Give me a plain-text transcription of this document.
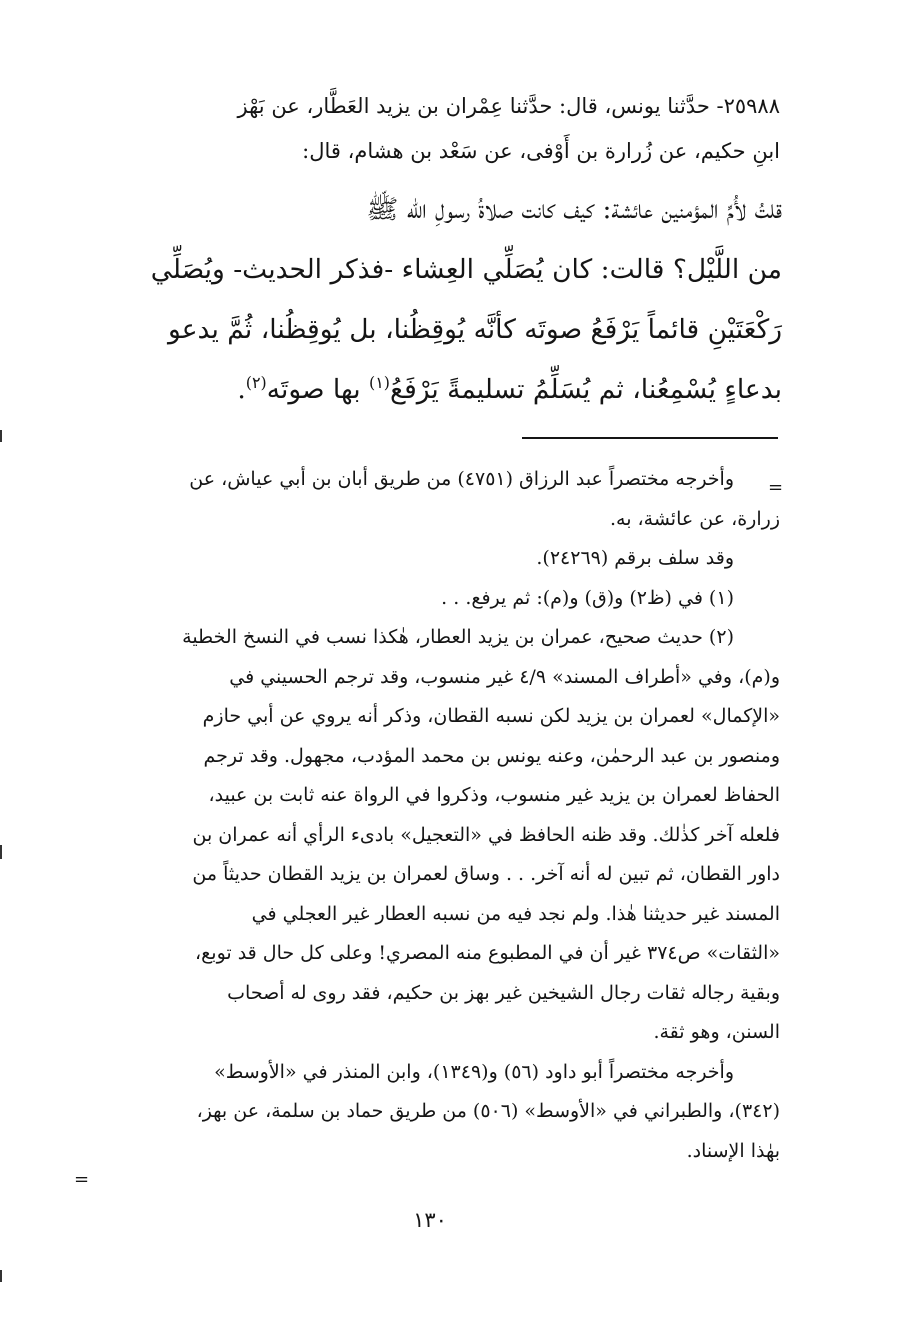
٢٥٩٨٨- حدَّثنا يونس، قال: حدَّثنا عِمْران بن يزيد العَطَّار، عن بَهْز
ابنِ حكيم، عن زُرارة بن أَوْفى، عن سَعْد بن هشام، قال:
قلتُ لأُمِّ المؤمنين عائشة: كيف كانت صلاةُ رسولِ الله ﷺ
من اللَّيْل؟ قالت: كان يُصَلِّي العِشاء -فذكر الحديث- ويُصَلِّي
رَكْعَتَيْنِ قائماً يَرْفَعُ صوتَه كأنَّه يُوقِظُنا، بل يُوقِظُنا، ثُمَّ يدعو
بدعاءٍ يُسْمِعُنا، ثم يُسَلِّمُ تسليمةً يَرْفَعُ$^{(١)}$ بها صوتَه$^{(٢)}$.
=

وأخرجه مختصراً عبد الرزاق (٤٧٥١) من طريق أبان بن أبي عياش، عن

زرارة، عن عائشة، به.

وقد سلف برقم (٢٤٢٦٩).

(١) في (ظ٢) و(ق) و(م): ثم يرفع. . .

(٢) حديث صحيح، عمران بن يزيد العطار، هٰكذا نسب في النسخ الخطية

و(م)، وفي «أطراف المسند» ٤/٩ غير منسوب، وقد ترجم الحسيني في

«الإكمال» لعمران بن يزيد لكن نسبه القطان، وذكر أنه يروي عن أبي حازم

ومنصور بن عبد الرحمٰن، وعنه يونس بن محمد المؤدب، مجهول. وقد ترجم

الحفاظ لعمران بن يزيد غير منسوب، وذكروا في الرواة عنه ثابت بن عبيد،

فلعله آخر كذٰلك. وقد ظنه الحافظ في «التعجيل» بادىء الرأي أنه عمران بن

داور القطان، ثم تبين له أنه آخر. . . وساق لعمران بن يزيد القطان حديثاً من

المسند غير حديثنا هٰذا. ولم نجد فيه من نسبه العطار غير العجلي في

«الثقات» ص٣٧٤ غير أن في المطبوع منه المصري! وعلى كل حال قد توبع،

وبقية رجاله ثقات رجال الشيخين غير بهز بن حكيم، فقد روى له أصحاب

السنن، وهو ثقة.

وأخرجه مختصراً أبو داود (٥٦) و(١٣٤٩)، وابن المنذر في «الأوسط»

(٣٤٢)، والطبراني في «الأوسط» (٥٠٦) من طريق حماد بن سلمة، عن بهز،

بهٰذا الإسناد.

=
١٣٠
